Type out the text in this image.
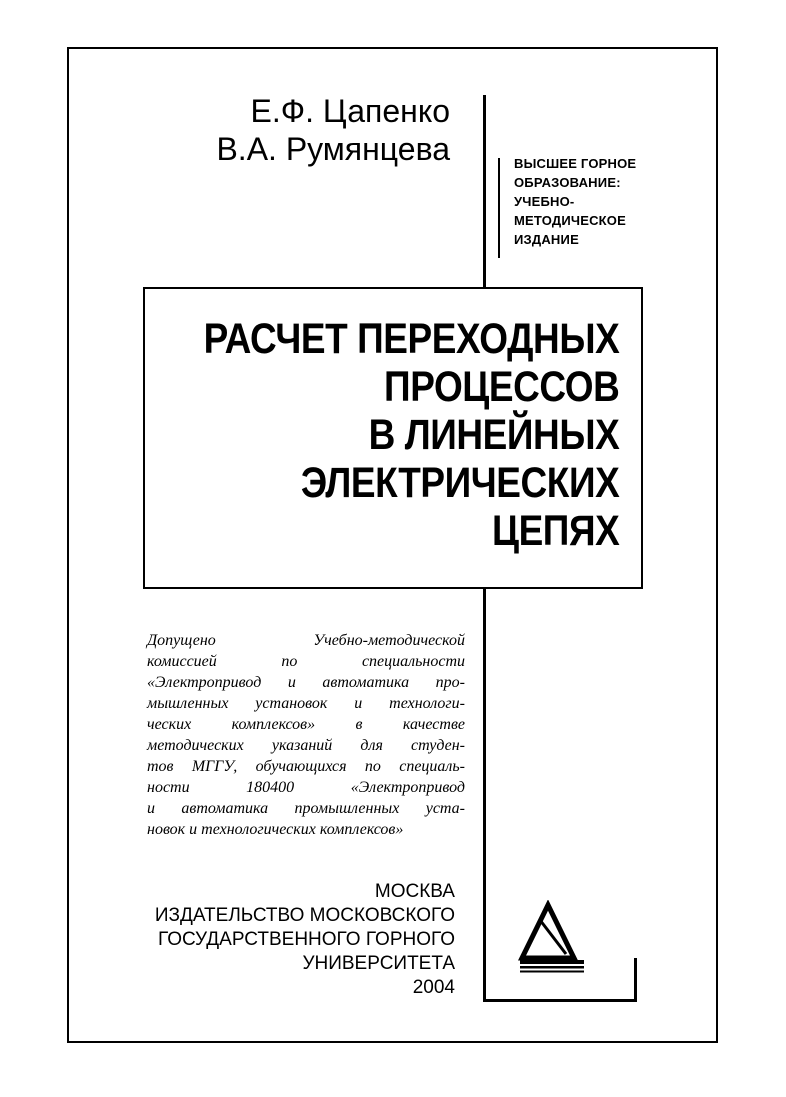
Е.Ф. Цапенко
В.А. Румянцева	ВЫСШЕЕ ГОРНОЕ
ОБРАЗОВАНИЕ:
УЧЕБНО-
МЕТОДИЧЕСКОЕ
ИЗДАНИЕ
РАСЧЕТ ПЕРЕХОДНЫХ
ПРОЦЕССОВ
В ЛИНЕЙНЫХ
ЭЛЕКТРИЧЕСКИХ
ЦЕПЯХ
Допущено Учебно-методической
комиссией по специальности
«Электропривод и автоматика про-
мышленных установок и технологи-
ческих комплексов» в качестве
методических указаний для студен-
тов МГГУ, обучающихся по специаль-
ности 180400 «Электропривод
и автоматика промышленных уста-
новок и технологических комплексов»
МОСКВА
ИЗДАТЕЛЬСТВО МОСКОВСКОГО
ГОСУДАРСТВЕННОГО ГОРНОГО
УНИВЕРСИТЕТА
2004
